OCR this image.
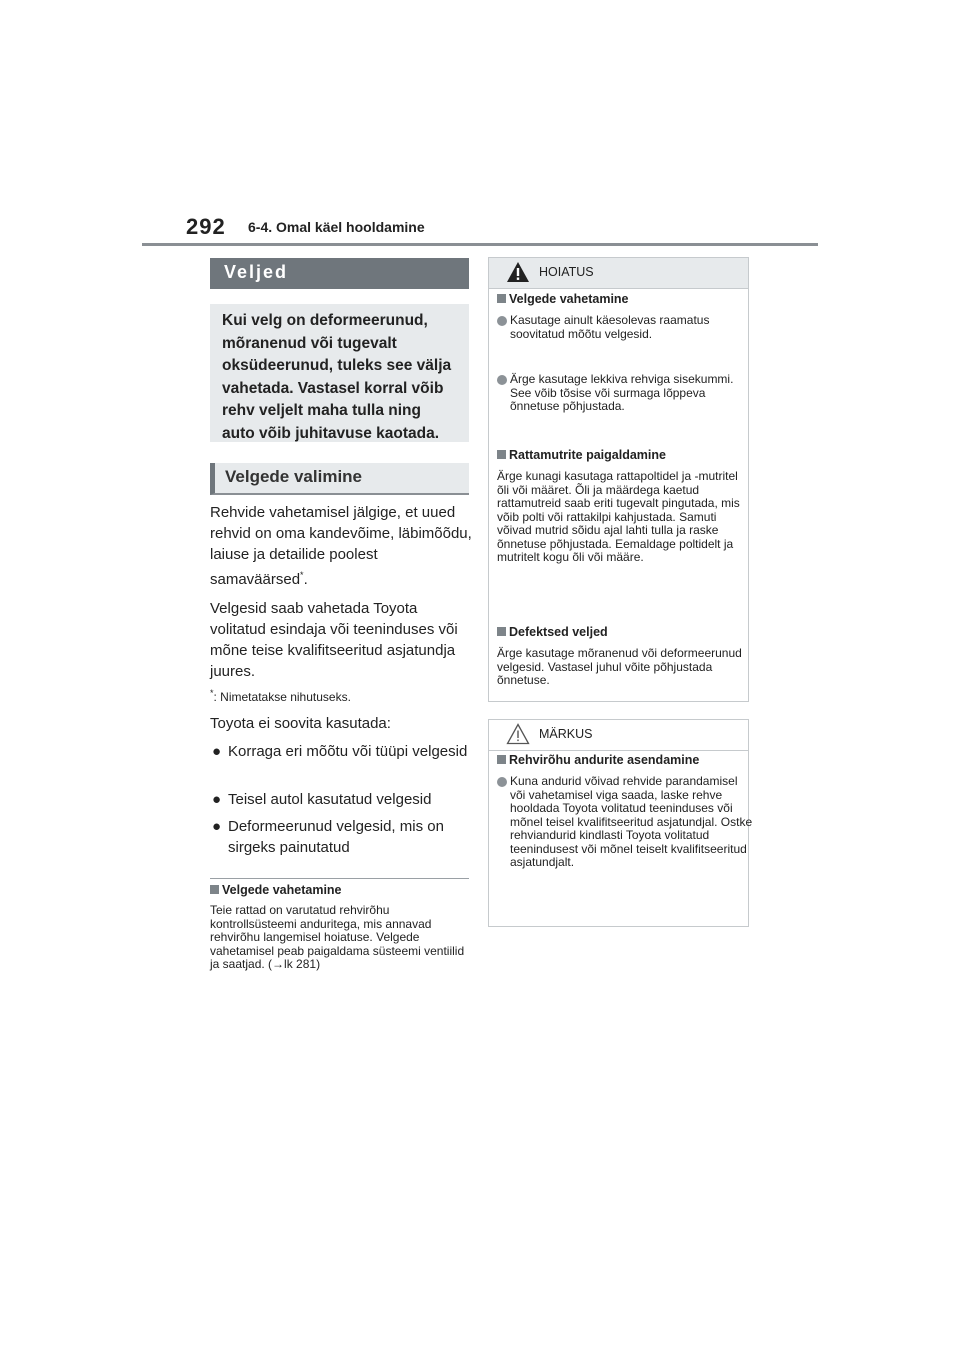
292 6-4. Omal käel hooldamine
Veljed

Kui velg on deformeerunud, mõranenud või tugevalt oksüdeerunud, tuleks see välja vahetada. Vastasel korral võib rehv veljelt maha tulla ning auto võib juhitavuse kaotada.

Velgede valimine

Rehvide vahetamisel jälgige, et uued rehvid on oma kandevõime, läbimõõdu, laiuse ja detailide poolest samaväärsed*.

Velgesid saab vahetada Toyota volitatud esindaja või teeninduses või mõne teise kvalifitseeritud asjatundja juures.

*: Nimetatakse nihutuseks.

Toyota ei soovita kasutada:

● Korraga eri mõõtu või tüüpi velgesid
● Teisel autol kasutatud velgesid
● Deformeerunud velgesid, mis on sirgeks painutatud
Velgede vahetamine

Teie rattad on varutatud rehvirõhu kontrollsüsteemi anduritega, mis annavad rehvirõhu langemisel hoiatuse. Velgede vahetamisel peab paigaldama süsteemi ventiilid ja saatjad. (→lk 281)

HOIATUS
Velgede vahetamine
Kasutage ainult käesolevas raamatus soovitatud mõõtu velgesid.
Ärge kasutage lekkiva rehviga sisekummi.
See võib tõsise või surmaga lõppeva õnnetuse põhjustada.
Rattamutrite paigaldamine
Ärge kunagi kasutaga rattapoltidel ja -mutritel õli või määret. Õli ja määrdega kaetud rattamutreid saab eriti tugevalt pingutada, mis võib polti või rattakilpi kahjustada. Samuti võivad mutrid sõidu ajal lahti tulla ja raske õnnetuse põhjustada. Eemaldage poltidelt ja mutritelt kogu õli või määre.
Defektsed veljed
Ärge kasutage mõranenud või deformeerunud velgesid. Vastasel juhul võite põhjustada õnnetuse.
MÄRKUS
Rehvirõhu andurite asendamine
Kuna andurid võivad rehvide parandamisel või vahetamisel viga saada, laske rehve hooldada Toyota volitatud teeninduses või mõnel teisel kvalifitseeritud asjatundjal. Ostke rehviandurid kindlasti Toyota volitatud teenindusest või mõnel teiselt kvalifitseeritud asjatundjalt.
